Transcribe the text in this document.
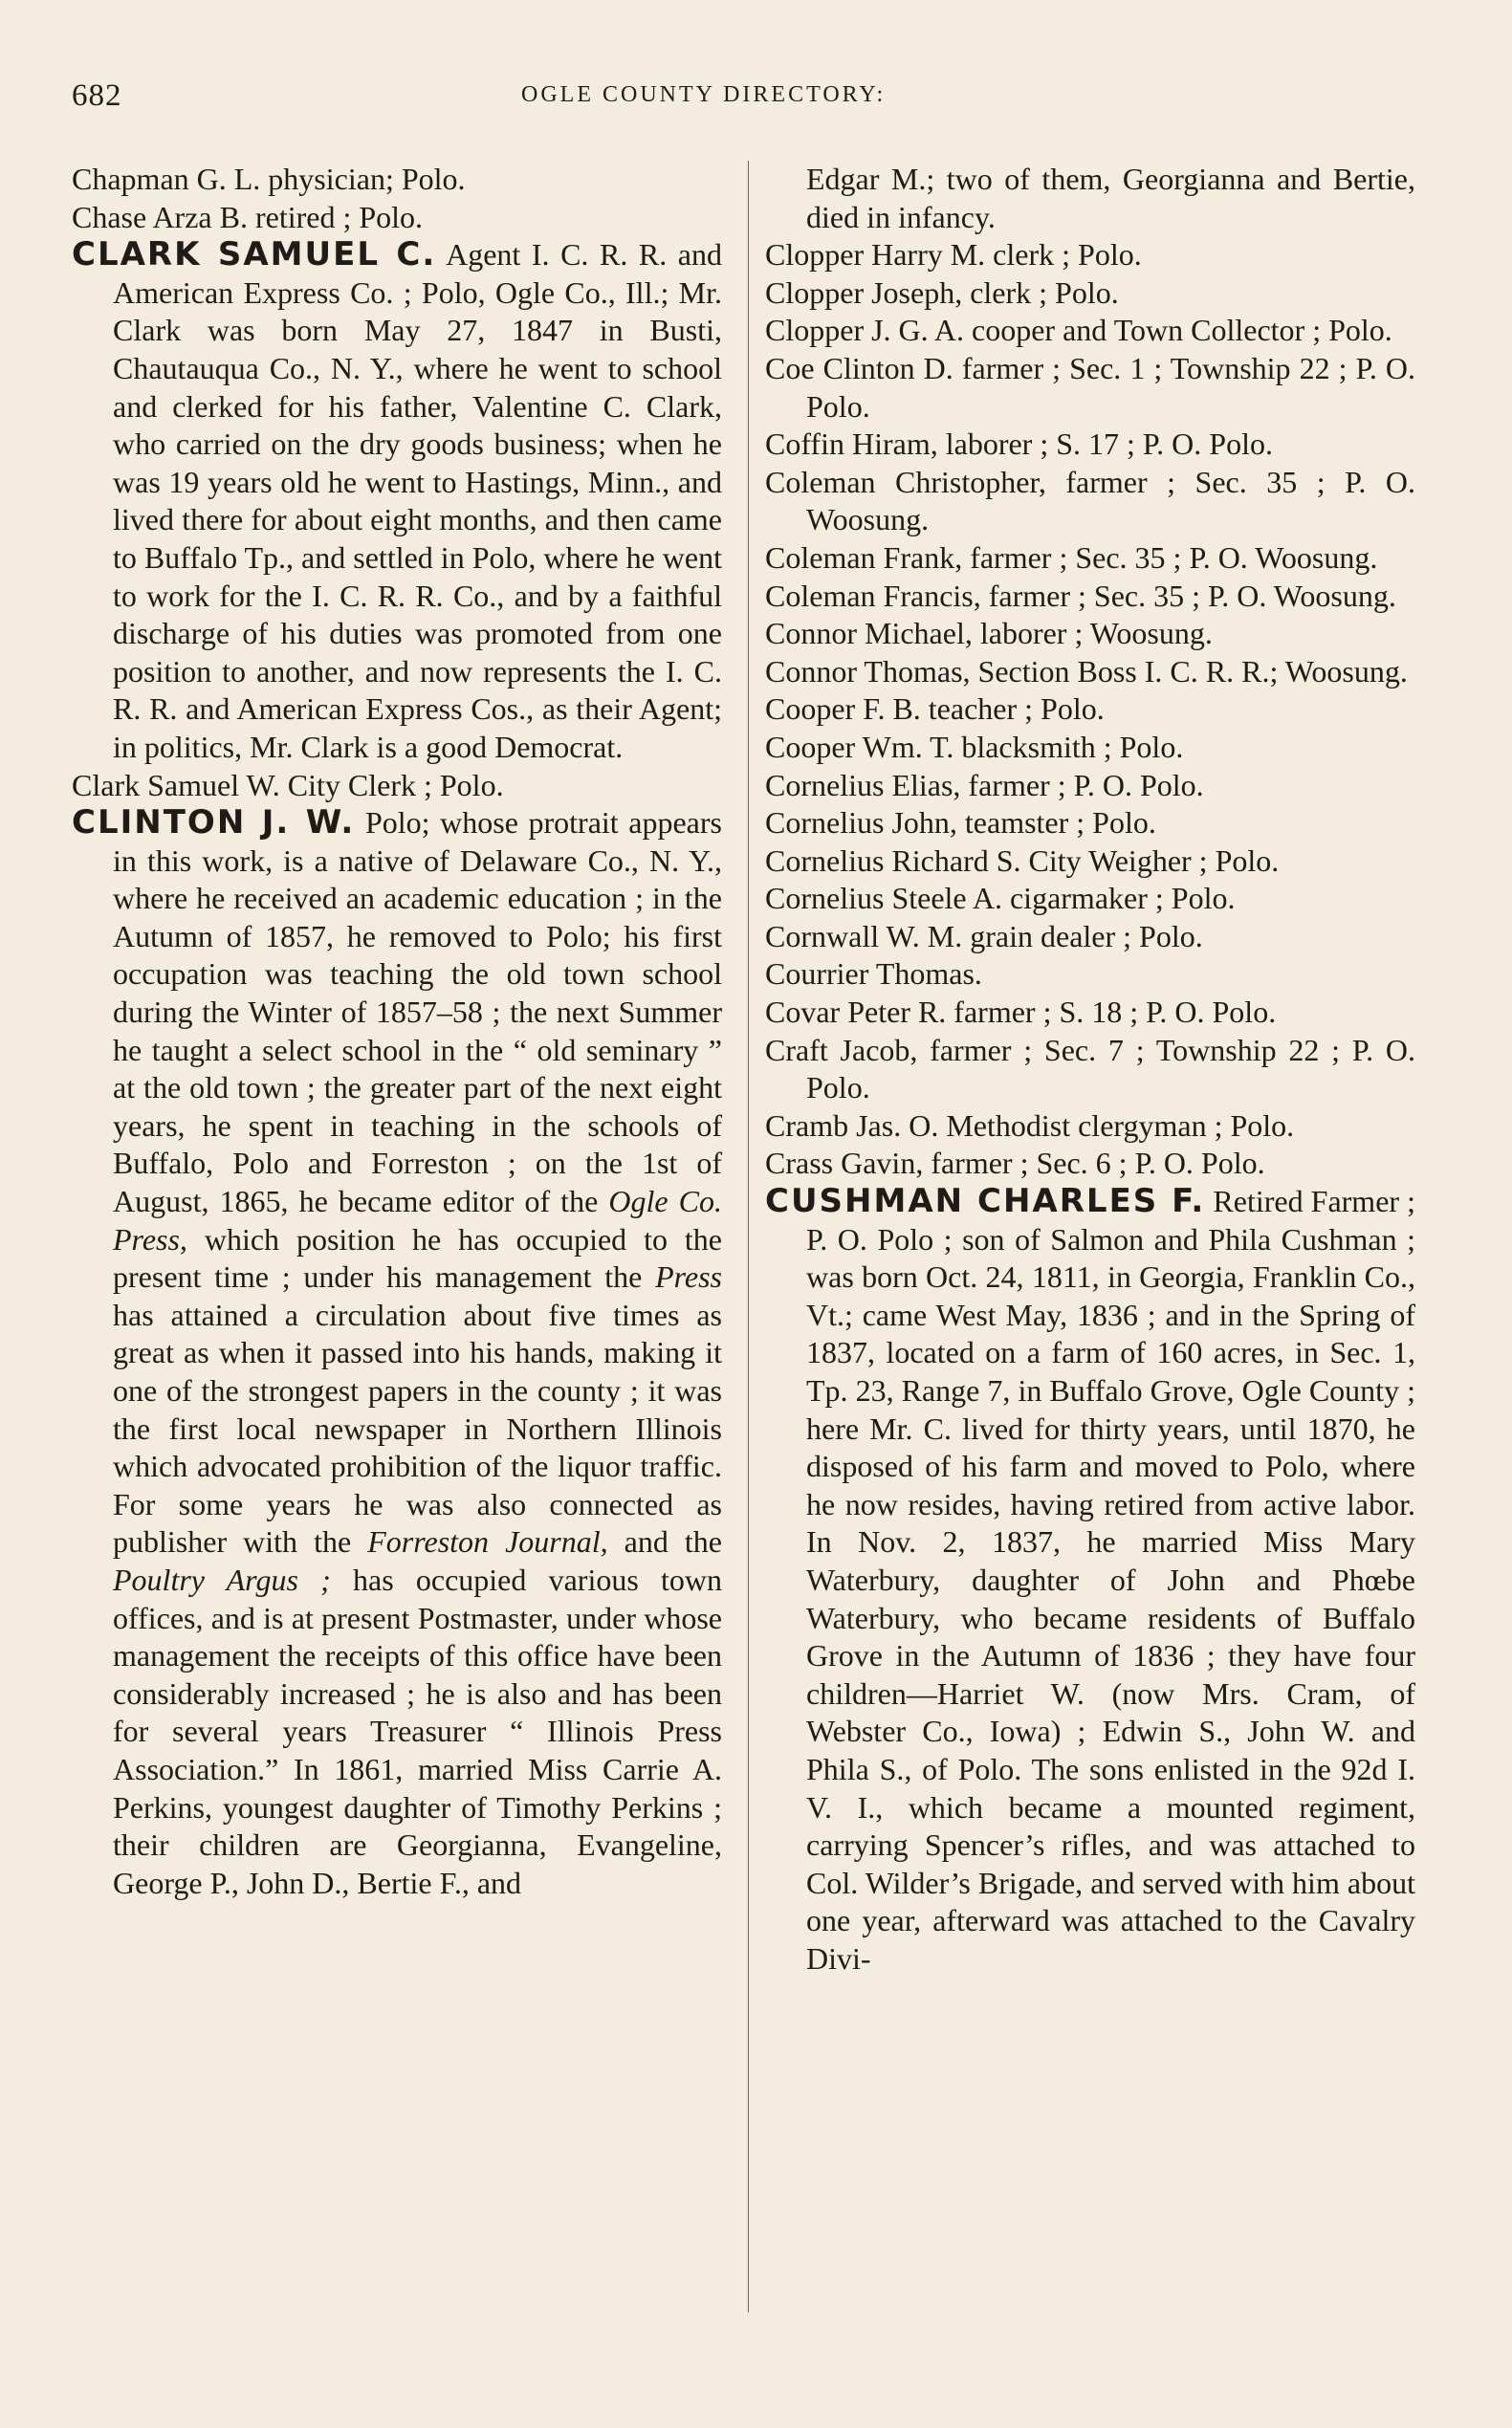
682	OGLE COUNTY DIRECTORY:

Chapman G. L. physician; Polo.

Chase Arza B. retired ; Polo.

CLARK SAMUEL C. Agent I. C. R. R. and American Express Co. ; Polo, Ogle Co., Ill.; Mr. Clark was born May 27, 1847 in Busti, Chautauqua Co., N. Y., where he went to school and clerked for his father, Valentine C. Clark, who carried on the dry goods business; when he was 19 years old he went to Hastings, Minn., and lived there for about eight months, and then came to Buffalo Tp., and settled in Polo, where he went to work for the I. C. R. R. Co., and by a faithful discharge of his duties was promoted from one position to another, and now represents the I. C. R. R. and American Express Cos., as their Agent; in politics, Mr. Clark is a good Democrat.

Clark Samuel W. City Clerk ; Polo.

CLINTON J. W. Polo; whose protrait appears in this work, is a native of Delaware Co., N. Y., where he received an academic education ; in the Autumn of 1857, he removed to Polo; his first occupation was teaching the old town school during the Winter of 1857–58 ; the next Summer he taught a select school in the “ old seminary ” at the old town ; the greater part of the next eight years, he spent in teaching in the schools of Buffalo, Polo and Forreston ; on the 1st of August, 1865, he became editor of the Ogle Co. Press, which position he has occupied to the present time ; under his management the Press has attained a circulation about five times as great as when it passed into his hands, making it one of the strongest papers in the county ; it was the first local newspaper in Northern Illinois which advocated prohibition of the liquor traffic. For some years he was also connected as publisher with the Forreston Journal, and the Poultry Argus ; has occupied various town offices, and is at present Postmaster, under whose management the receipts of this office have been considerably increased ; he is also and has been for several years Treasurer “ Illinois Press Association.” In 1861, married Miss Carrie A. Perkins, youngest daughter of Timothy Perkins ; their children are Georgianna, Evangeline, George P., John D., Bertie F., and

Edgar M.; two of them, Georgianna and Bertie, died in infancy.

Clopper Harry M. clerk ; Polo.

Clopper Joseph, clerk ; Polo.

Clopper J. G. A. cooper and Town Collector ; Polo.

Coe Clinton D. farmer ; Sec. 1 ; Township 22 ; P. O. Polo.

Coffin Hiram, laborer ; S. 17 ; P. O. Polo.

Coleman Christopher, farmer ; Sec. 35 ; P. O. Woosung.

Coleman Frank, farmer ; Sec. 35 ; P. O. Woosung.

Coleman Francis, farmer ; Sec. 35 ; P. O. Woosung.

Connor Michael, laborer ; Woosung.

Connor Thomas, Section Boss I. C. R. R.; Woosung.

Cooper F. B. teacher ; Polo.

Cooper Wm. T. blacksmith ; Polo.

Cornelius Elias, farmer ; P. O. Polo.

Cornelius John, teamster ; Polo.

Cornelius Richard S. City Weigher ; Polo.

Cornelius Steele A. cigarmaker ; Polo.

Cornwall W. M. grain dealer ; Polo.

Courrier Thomas.

Covar Peter R. farmer ; S. 18 ; P. O. Polo.

Craft Jacob, farmer ; Sec. 7 ; Township 22 ; P. O. Polo.

Cramb Jas. O. Methodist clergyman ; Polo.

Crass Gavin, farmer ; Sec. 6 ; P. O. Polo.

CUSHMAN CHARLES F. Retired Farmer ; P. O. Polo ; son of Salmon and Phila Cushman ; was born Oct. 24, 1811, in Georgia, Franklin Co., Vt.; came West May, 1836 ; and in the Spring of 1837, located on a farm of 160 acres, in Sec. 1, Tp. 23, Range 7, in Buffalo Grove, Ogle County ; here Mr. C. lived for thirty years, until 1870, he disposed of his farm and moved to Polo, where he now resides, having retired from active labor. In Nov. 2, 1837, he married Miss Mary Waterbury, daughter of John and Phœbe Waterbury, who became residents of Buffalo Grove in the Autumn of 1836 ; they have four children—Harriet W. (now Mrs. Cram, of Webster Co., Iowa) ; Edwin S., John W. and Phila S., of Polo. The sons enlisted in the 92d I. V. I., which became a mounted regiment, carrying Spencer’s rifles, and was attached to Col. Wilder’s Brigade, and served with him about one year, afterward was attached to the Cavalry Divi-
